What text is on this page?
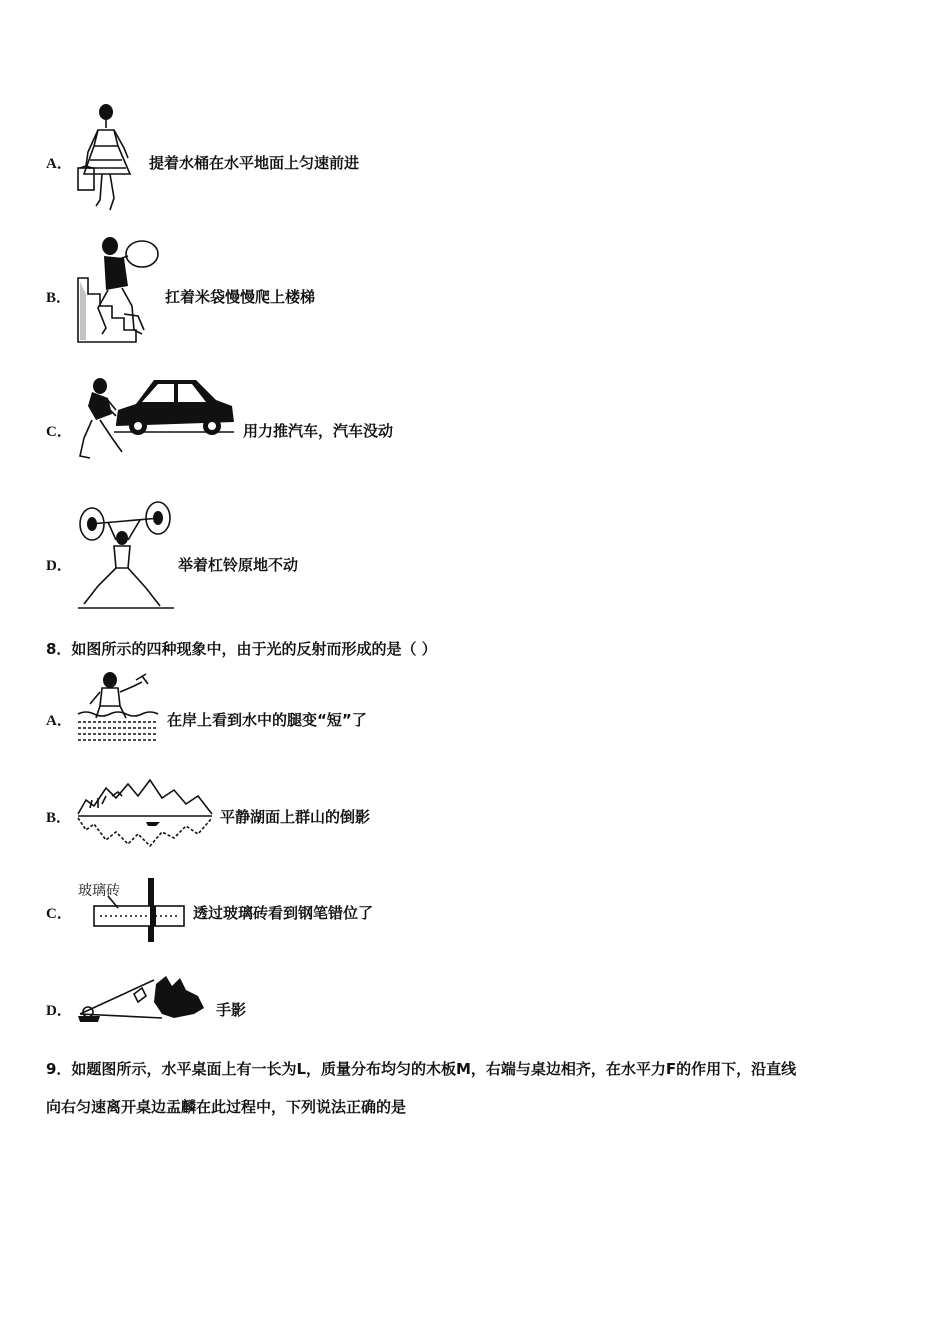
A．	提着水桶在水平地面上匀速前进
B．	扛着米袋慢慢爬上楼梯
C．	用力推汽车，汽车没动
D．	举着杠铃原地不动
8．如图所示的四种现象中，由于光的反射而形成的是（ ）
A．	在岸上看到水中的腿变“短”了
B．	平静湖面上群山的倒影
C．
玻璃砖
透过玻璃砖看到钢笔错位了
D．	手影
9．如题图所示，水平桌面上有一长为L，质量分布均匀的木板M，右端与桌边相齐，在水平力F的作用下，沿直线
向右匀速离开桌边盂麟在此过程中，下列说法正确的是
